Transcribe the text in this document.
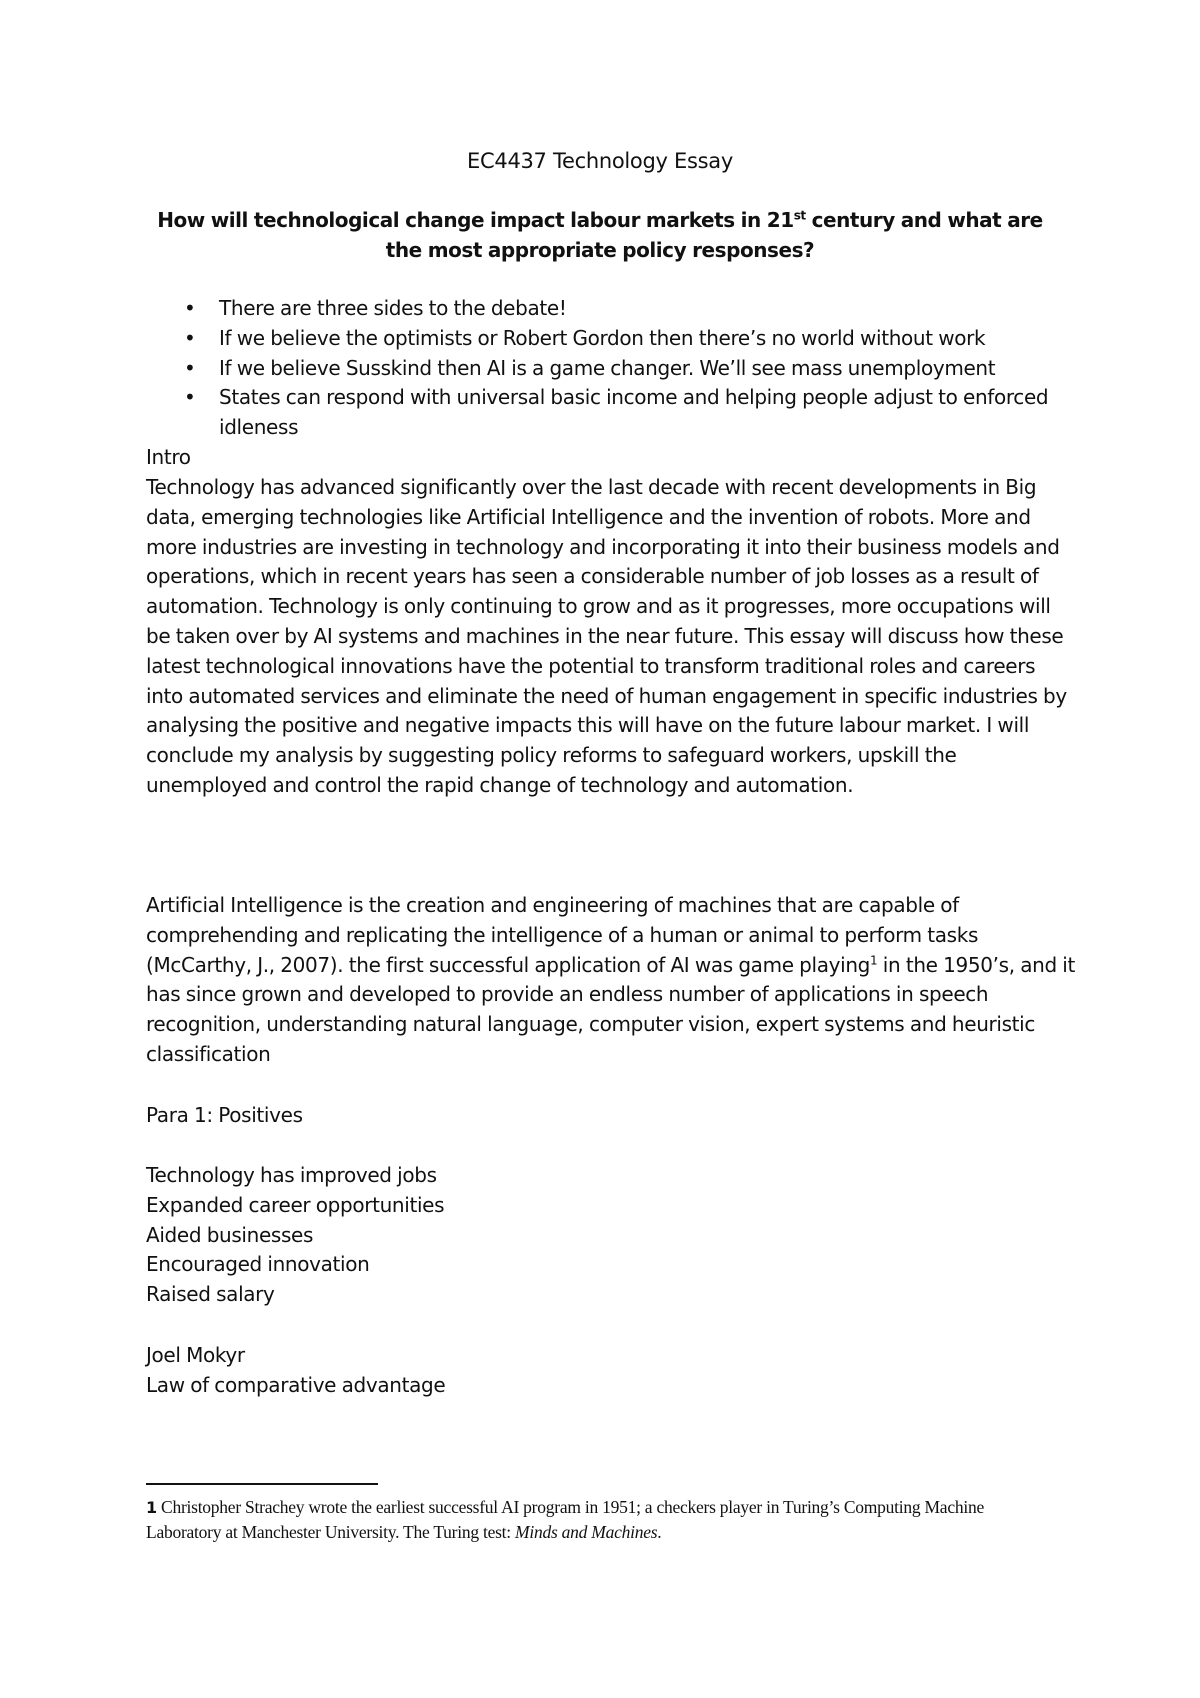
EC4437 Technology Essay
How will technological change impact labour markets in 21st century and what are the most appropriate policy responses?
• There are three sides to the debate!
• If we believe the optimists or Robert Gordon then there’s no world without work
• If we believe Susskind then AI is a game changer. We’ll see mass unemployment
• States can respond with universal basic income and helping people adjust to enforced idleness
Intro
Technology has advanced significantly over the last decade with recent developments in Big data, emerging technologies like Artificial Intelligence and the invention of robots. More and more industries are investing in technology and incorporating it into their business models and operations, which in recent years has seen a considerable number of job losses as a result of automation. Technology is only continuing to grow and as it progresses, more occupations will be taken over by AI systems and machines in the near future. This essay will discuss how these latest technological innovations have the potential to transform traditional roles and careers into automated services and eliminate the need of human engagement in specific industries by analysing the positive and negative impacts this will have on the future labour market. I will conclude my analysis by suggesting policy reforms to safeguard workers, upskill the unemployed and control the rapid change of technology and automation.
Artificial Intelligence is the creation and engineering of machines that are capable of comprehending and replicating the intelligence of a human or animal to perform tasks (McCarthy, J., 2007). the first successful application of AI was game playing$^1$ in the 1950’s, and it has since grown and developed to provide an endless number of applications in speech recognition, understanding natural language, computer vision, expert systems and heuristic classification
Para 1: Positives
Technology has improved jobs
Expanded career opportunities
Aided businesses
Encouraged innovation
Raised salary
Joel Mokyr
Law of comparative advantage
1 Christopher Strachey wrote the earliest successful AI program in 1951; a checkers player in Turing’s Computing Machine Laboratory at Manchester University. The Turing test: Minds and Machines.
